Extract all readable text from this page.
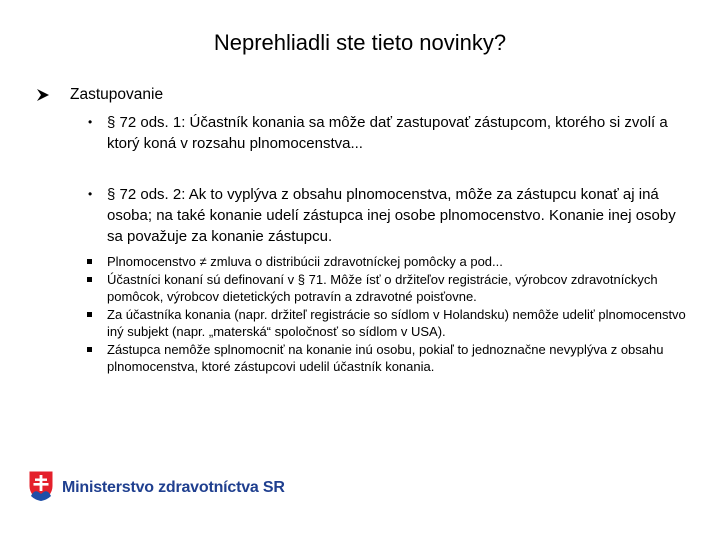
Neprehliadli ste tieto novinky?
Zastupovanie
• § 72 ods. 1: Účastník konania sa môže dať zastupovať zástupcom, ktorého si zvolí a ktorý koná v rozsahu plnomocenstva...
• § 72 ods. 2: Ak to vyplýva z obsahu plnomocenstva, môže za zástupcu konať aj iná osoba; na také konanie udelí zástupca inej osobe plnomocenstvo. Konanie inej osoby sa považuje za konanie zástupcu.

Plnomocenstvo ≠ zmluva o distribúcii zdravotníckej pomôcky a pod...

Účastníci konaní sú definovaní v § 71. Môže ísť o držiteľov registrácie, výrobcov zdravotníckych pomôcok, výrobcov dietetických potravín a zdravotné poisťovne.

Za účastníka konania (napr. držiteľ registrácie so sídlom v Holandsku) nemôže udeliť plnomocenstvo iný subjekt (napr. „materská“ spoločnosť so sídlom v USA).

Zástupca nemôže splnomocniť na konanie inú osobu, pokiaľ to jednoznačne nevyplýva z obsahu plnomocenstva, ktoré zástupcovi udelil účastník konania.

Ministerstvo zdravotníctva SR
